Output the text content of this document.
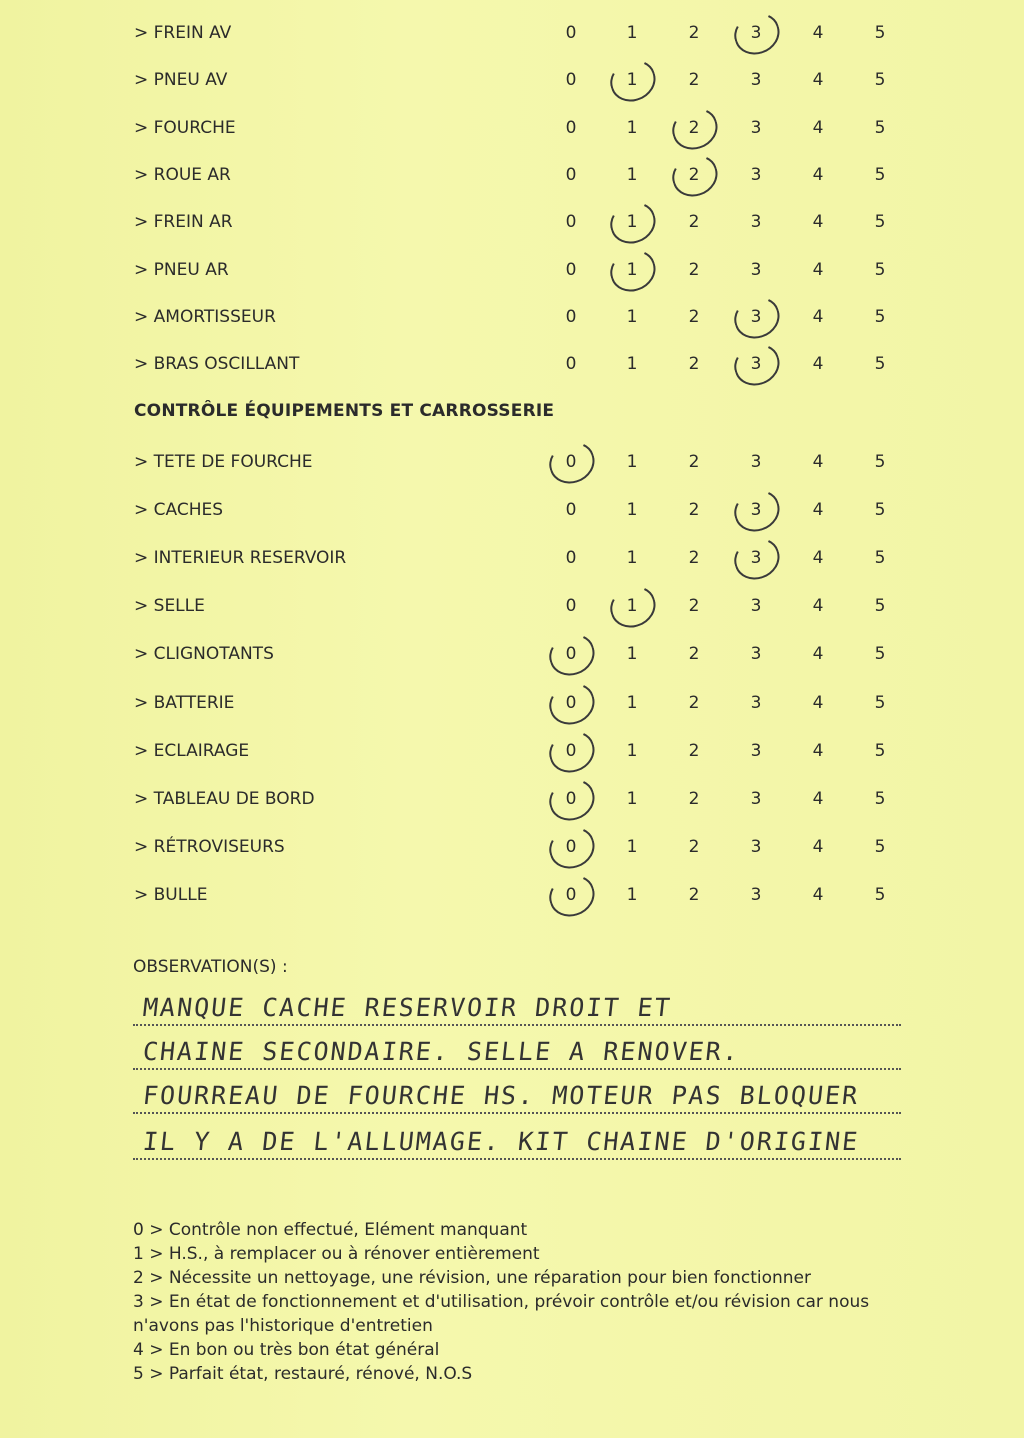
> FREIN AV	0	1	2	3	4	5
> PNEU AV	0	1	2	3	4	5
> FOURCHE	0	1	2	3	4	5
> ROUE AR	0	1	2	3	4	5
> FREIN AR	0	1	2	3	4	5
> PNEU AR	0	1	2	3	4	5
> AMORTISSEUR	0	1	2	3	4	5
> BRAS OSCILLANT	0	1	2	3	4	5
CONTRÔLE ÉQUIPEMENTS ET CARROSSERIE
> TETE DE FOURCHE	0	1	2	3	4	5
> CACHES	0	1	2	3	4	5
> INTERIEUR RESERVOIR	0	1	2	3	4	5
> SELLE	0	1	2	3	4	5
> CLIGNOTANTS	0	1	2	3	4	5
> BATTERIE	0	1	2	3	4	5
> ECLAIRAGE	0	1	2	3	4	5
> TABLEAU DE BORD	0	1	2	3	4	5
> RÉTROVISEURS	0	1	2	3	4	5
> BULLE	0	1	2	3	4	5
OBSERVATION(S) :
MANQUE CACHE RESERVOIR DROIT ET
CHAINE SECONDAIRE. SELLE A RENOVER.
FOURREAU DE FOURCHE HS. MOTEUR PAS BLOQUER
IL Y A DE L'ALLUMAGE. KIT CHAINE D'ORIGINE
0 > Contrôle non effectué, Elément manquant
1 > H.S., à remplacer ou à rénover entièrement
2 > Nécessite un nettoyage, une révision, une réparation pour bien fonctionner
3 > En état de fonctionnement et d'utilisation, prévoir contrôle et/ou révision car nous
n'avons pas l'historique d'entretien
4 > En bon ou très bon état général
5 > Parfait état, restauré, rénové, N.O.S
